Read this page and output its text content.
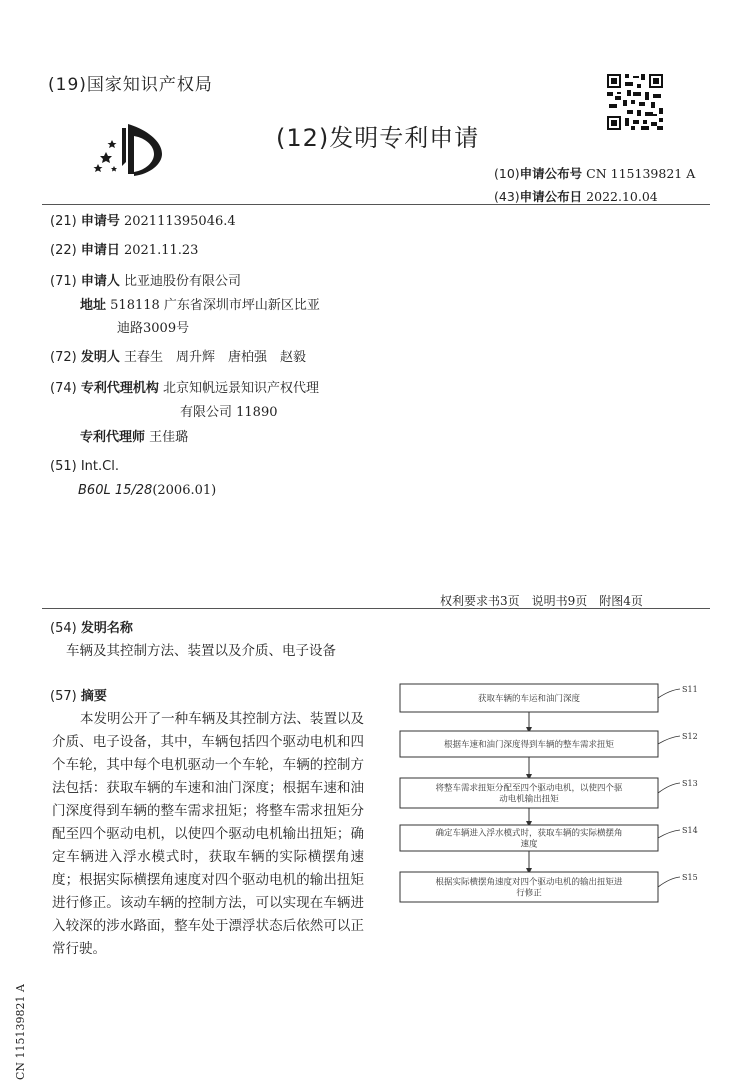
(19)国家知识产权局
(12)发明专利申请
(10)申请公布号 CN 115139821 A
(43)申请公布日 2022.10.04
(21) 申请号 202111395046.4
(22) 申请日 2021.11.23
(71) 申请人 比亚迪股份有限公司
地址 518118 广东省深圳市坪山新区比亚
迪路3009号
(72) 发明人 王春生　周升辉　唐柏强　赵毅
(74) 专利代理机构 北京知帆远景知识产权代理
有限公司 11890
专利代理师 王佳璐
(51) Int.Cl.
B60L 15/28(2006.01)
权利要求书3页　说明书9页　附图4页
(54) 发明名称
车辆及其控制方法、装置以及介质、电子设备
(57) 摘要
本发明公开了一种车辆及其控制方法、装置以及介质、电子设备，其中，车辆包括四个驱动电机和四个车轮，其中每个电机驱动一个车轮，车辆的控制方法包括：获取车辆的车速和油门深度；根据车速和油门深度得到车辆的整车需求扭矩；将整车需求扭矩分配至四个驱动电机，以使四个驱动电机输出扭矩；确定车辆进入浮水模式时，获取车辆的实际横摆角速度；根据实际横摆角速度对四个驱动电机的输出扭矩进行修正。该动车辆的控制方法，可以实现在车辆进入较深的涉水路面，整车处于漂浮状态后依然可以正常行驶。
CN 115139821 A
获取车辆的车运和油门深度
S11
根据车速和油门深度得到车辆的整车需求扭矩
S12
将整车需求扭矩分配至四个驱动电机，以使四个驱
动电机输出扭矩
S13
确定车辆进入浮水模式时，获取车辆的实际横摆角
速度
S14
根据实际横摆角速度对四个驱动电机的输出扭矩进
行修正
S15
